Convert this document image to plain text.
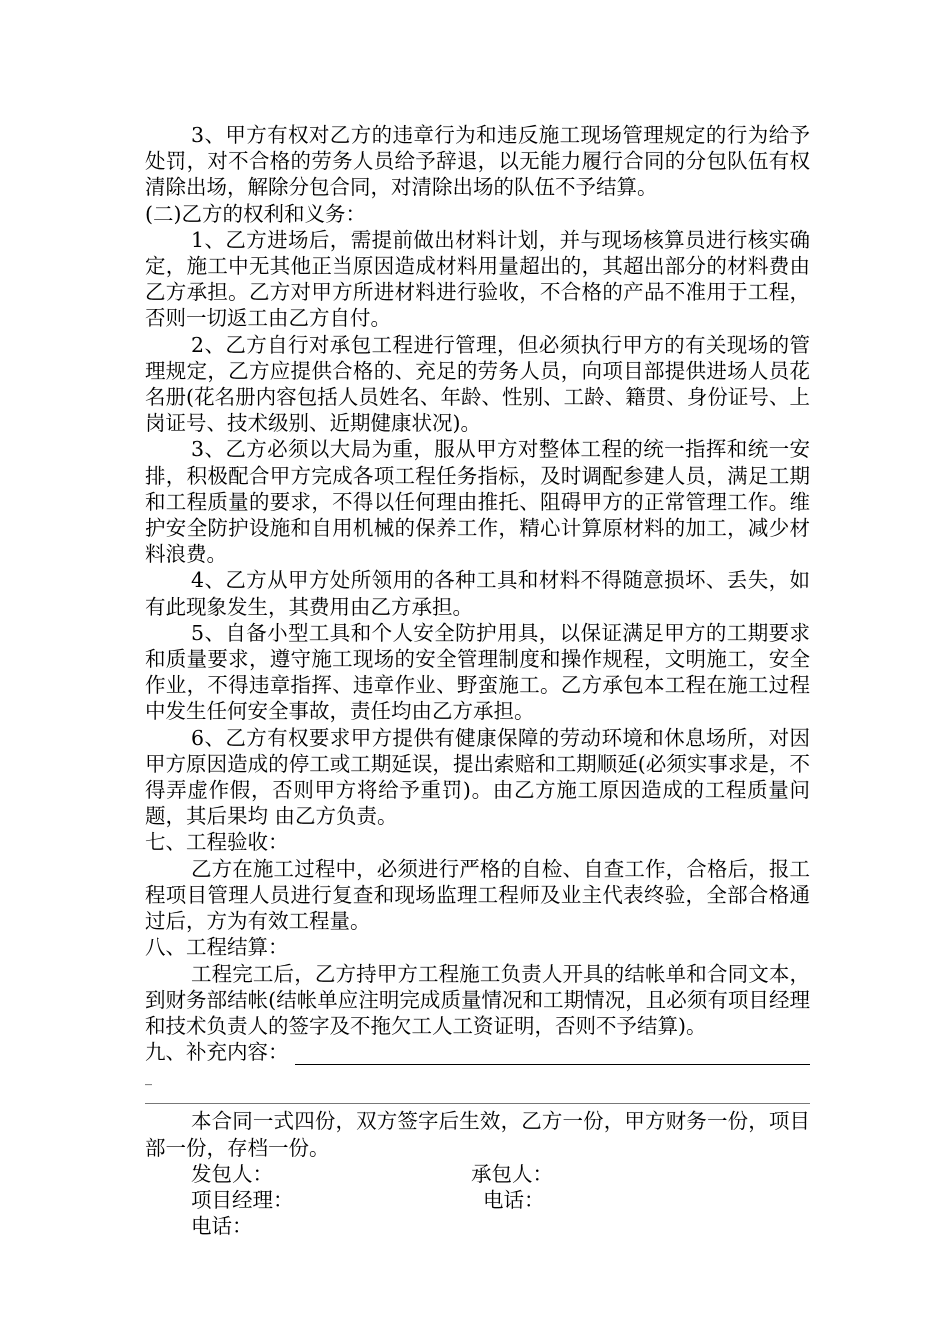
3、甲方有权对乙方的违章行为和违反施工现场管理规定的行为给予处罚，对不合格的劳务人员给予辞退，以无能力履行合同的分包队伍有权清除出场，解除分包合同，对清除出场的队伍不予结算。

(二)乙方的权利和义务：

1、乙方进场后，需提前做出材料计划，并与现场核算员进行核实确定，施工中无其他正当原因造成材料用量超出的，其超出部分的材料费由乙方承担。乙方对甲方所进材料进行验收，不合格的产品不准用于工程，否则一切返工由乙方自付。

2、乙方自行对承包工程进行管理，但必须执行甲方的有关现场的管理规定，乙方应提供合格的、充足的劳务人员，向项目部提供进场人员花名册(花名册内容包括人员姓名、年龄、性别、工龄、籍贯、身份证号、上岗证号、技术级别、近期健康状况)。

3、乙方必须以大局为重，服从甲方对整体工程的统一指挥和统一安排，积极配合甲方完成各项工程任务指标，及时调配参建人员，满足工期和工程质量的要求，不得以任何理由推托、阻碍甲方的正常管理工作。维护安全防护设施和自用机械的保养工作，精心计算原材料的加工，减少材料浪费。

4、乙方从甲方处所领用的各种工具和材料不得随意损坏、丢失，如有此现象发生，其费用由乙方承担。

5、自备小型工具和个人安全防护用具，以保证满足甲方的工期要求和质量要求，遵守施工现场的安全管理制度和操作规程，文明施工，安全作业，不得违章指挥、违章作业、野蛮施工。乙方承包本工程在施工过程中发生任何安全事故，责任均由乙方承担。

6、乙方有权要求甲方提供有健康保障的劳动环境和休息场所，对因甲方原因造成的停工或工期延误，提出索赔和工期顺延(必须实事求是，不得弄虚作假，否则甲方将给予重罚)。由乙方施工原因造成的工程质量问题，其后果均 由乙方负责。

七、工程验收：

乙方在施工过程中，必须进行严格的自检、自查工作，合格后，报工程项目管理人员进行复查和现场监理工程师及业主代表终验，全部合格通过后，方为有效工程量。

八、工程结算：

工程完工后，乙方持甲方工程施工负责人开具的结帐单和合同文本，到财务部结帐(结帐单应注明完成质量情况和工期情况，且必须有项目经理和技术负责人的签字及不拖欠工人工资证明，否则不予结算)。

九、补充内容：
_

本合同一式四份，双方签字后生效，乙方一份，甲方财务一份，项目部一份，存档一份。

发包人：	承包人：
项目经理：	电话：
电话：
